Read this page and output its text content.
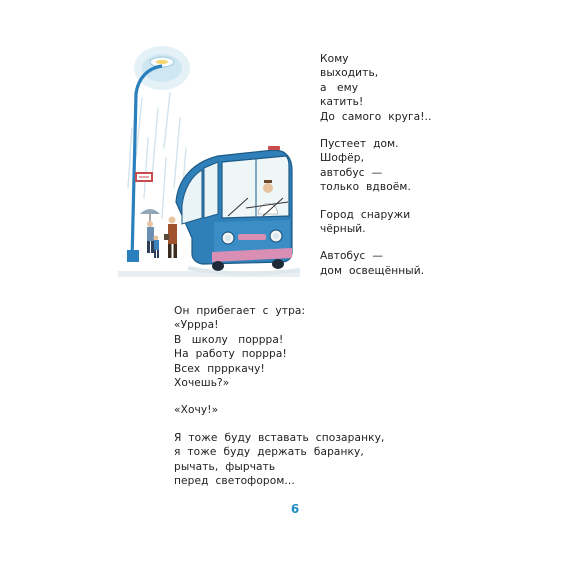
Кому
выходить,
а   ему
катить!
До  самого  круга!..
Пустеет  дом.
Шофёр,
автобус  —
только  вдвоём.
Город  снаружи
чёрный.
Автобус  —
дом  освещённый.
Он  прибегает  с  утра:
«Урррa!
В   школу   порррa!
На  работу  порррa!
Всех  пррркачу!
Хочешь?»
«Хочу!»
Я  тоже  буду  вставать  спозаранку,
я  тоже  буду  держать  баранку,
рычать,  фырчать
перед  светофором...
6
